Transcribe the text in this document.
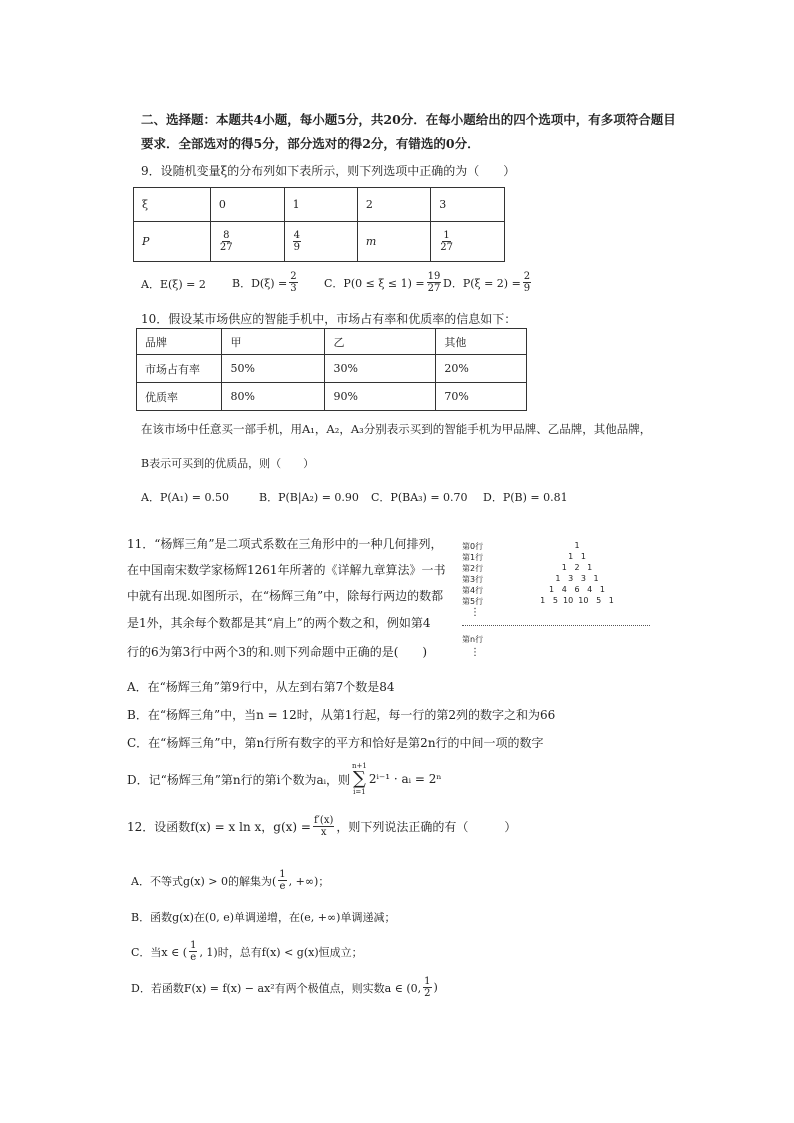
二、选择题：本题共4小题，每小题5分，共20分．在每小题给出的四个选项中，有多项符合题目
要求．全部选对的得5分，部分选对的得2分，有错选的0分．
9．设随机变量ξ的分布列如下表所示，则下列选项中正确的为（　　）
ξ	0	1	2	3
P	$\frac{8}{27}$	$\frac{4}{9}$	m	$\frac{1}{27}$
A．E(ξ) = 2 B．$D(\xi) = \frac{2}{3}$ C．$P(0 \le \xi \le 1) = \frac{19}{27}$ D．$P(\xi = 2) = \frac{2}{9}$
10．假设某市场供应的智能手机中，市场占有率和优质率的信息如下：
品牌	甲	乙	其他
市场占有率	50%	30%	20%
优质率	80%	90%	70%
在该市场中任意买一部手机，用A₁，A₂，A₃分别表示买到的智能手机为甲品牌、乙品牌，其他品牌，
B表示可买到的优质品，则（　　）
A．P(A₁) = 0.50	B．P(B|A₂) = 0.90 C．P(BA₃) = 0.70 D．P(B) = 0.81
11．“杨辉三角”是二项式系数在三角形中的一种几何排列，
在中国南宋数学家杨辉1261年所著的《详解九章算法》一书
中就有出现.如图所示，在“杨辉三角”中，除每行两边的数都
是1外，其余每个数都是其“肩上”的两个数之和，例如第4
行的6为第3行中两个3的和.则下列命题中正确的是(　　)
第0行	1
第1行	1   1
第2行	1   2   1
第3行	1   3   3   1
第4行	1   4   6   4   1
第5行	1   5  10  10   5   1
⋮
第n行
⋮
A．在“杨辉三角”第9行中，从左到右第7个数是84
B．在“杨辉三角”中，当n = 12时，从第1行起，每一行的第2列的数字之和为66
C．在“杨辉三角”中，第n行所有数字的平方和恰好是第2n行的中间一项的数字
D．记“杨辉三角”第n行的第i个数为aᵢ，则
n+1
∑
i=1
2ⁱ⁻¹ · aᵢ = 2ⁿ
12．设函数f(x) = x ln x，$g(x) = \frac{f'(x)}{x}$ ，则下列说法正确的有（　　　）
A．不等式g(x) > 0的解集为( $\frac{1}{e}$ , +∞)；
B．函数g(x)在(0, e)单调递增，在(e, +∞)单调递减；
C．当x ∈ ( $\frac{1}{e}$ , 1)时，总有f(x) < g(x)恒成立；
D．若函数F(x) = f(x) − ax²有两个极值点，则实数a ∈ (0, $\frac{1}{2}$ )
